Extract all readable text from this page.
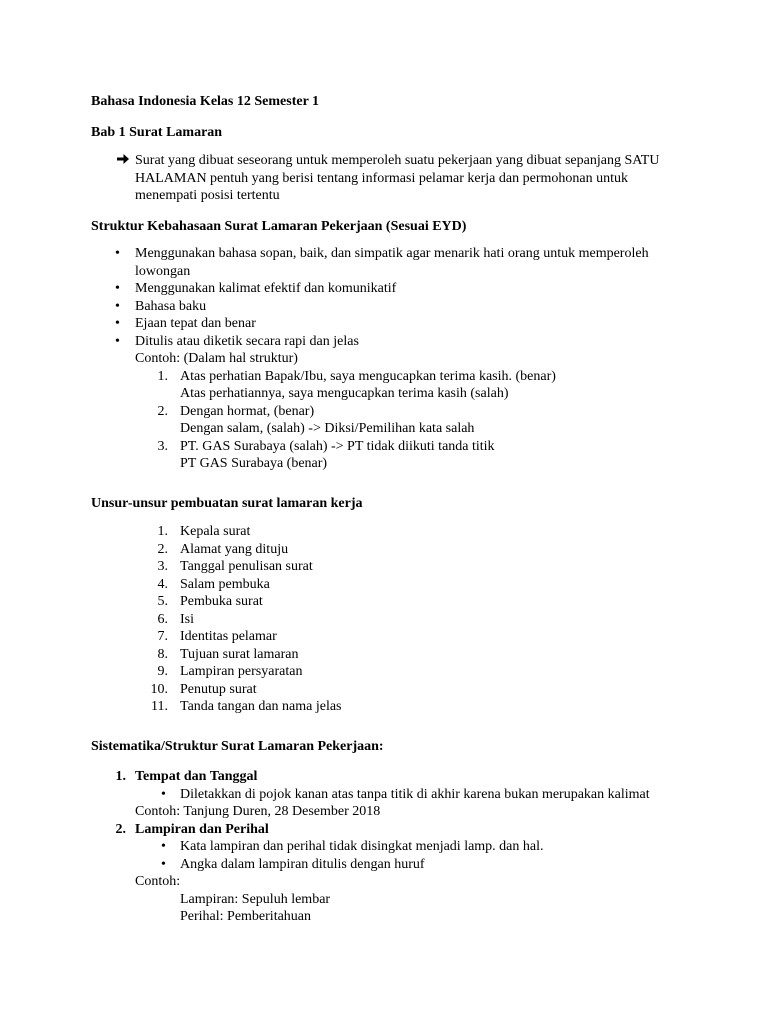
Bahasa Indonesia Kelas 12 Semester 1
Bab 1 Surat Lamaran
Surat yang dibuat seseorang untuk memperoleh suatu pekerjaan yang dibuat sepanjang SATU
HALAMAN pentuh yang berisi tentang informasi pelamar kerja dan permohonan untuk
menempati posisi tertentu
Struktur Kebahasaan Surat Lamaran Pekerjaan (Sesuai EYD)
• Menggunakan bahasa sopan, baik, dan simpatik agar menarik hati orang untuk memperoleh
lowongan
• Menggunakan kalimat efektif dan komunikatif
• Bahasa baku
• Ejaan tepat dan benar
• Ditulis atau diketik secara rapi dan jelas
Contoh: (Dalam hal struktur)
1. Atas perhatian Bapak/Ibu, saya mengucapkan terima kasih. (benar)
Atas perhatiannya, saya mengucapkan terima kasih (salah)
2. Dengan hormat, (benar)
Dengan salam, (salah) -> Diksi/Pemilihan kata salah
3. PT. GAS Surabaya (salah) -> PT tidak diikuti tanda titik
PT GAS Surabaya (benar)
Unsur-unsur pembuatan surat lamaran kerja
1. Kepala surat
2. Alamat yang dituju
3. Tanggal penulisan surat
4. Salam pembuka
5. Pembuka surat
6. Isi
7. Identitas pelamar
8. Tujuan surat lamaran
9. Lampiran persyaratan
10. Penutup surat
11. Tanda tangan dan nama jelas
Sistematika/Struktur Surat Lamaran Pekerjaan:
1. Tempat dan Tanggal
• Diletakkan di pojok kanan atas tanpa titik di akhir karena bukan merupakan kalimat
Contoh: Tanjung Duren, 28 Desember 2018
2. Lampiran dan Perihal
• Kata lampiran dan perihal tidak disingkat menjadi lamp. dan hal.
• Angka dalam lampiran ditulis dengan huruf
Contoh:
Lampiran: Sepuluh lembar
Perihal: Pemberitahuan
